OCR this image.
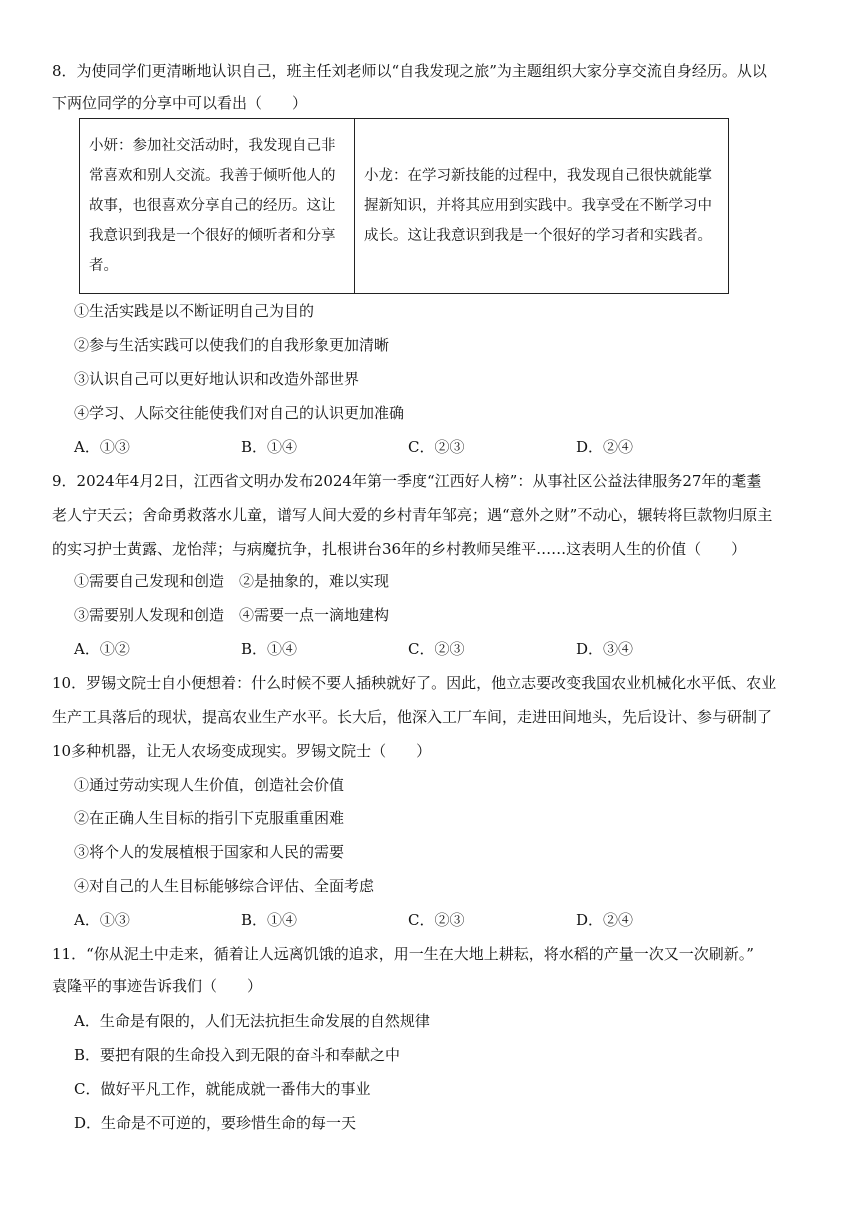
8．为使同学们更清晰地认识自己，班主任刘老师以“自我发现之旅”为主题组织大家分享交流自身经历。从以
下两位同学的分享中可以看出（　　）
小妍：参加社交活动时，我发现自己非常喜欢和别人交流。我善于倾听他人的故事，也很喜欢分享自己的经历。这让我意识到我是一个很好的倾听者和分享者。

小龙：在学习新技能的过程中，我发现自己很快就能掌握新知识，并将其应用到实践中。我享受在不断学习中成长。这让我意识到我是一个很好的学习者和实践者。
①生活实践是以不断证明自己为目的
②参与生活实践可以使我们的自我形象更加清晰
③认识自己可以更好地认识和改造外部世界
④学习、人际交往能使我们对自己的认识更加准确
A．①③	B．①④	C．②③	D．②④
9．2024年4月2日，江西省文明办发布2024年第一季度“江西好人榜”：从事社区公益法律服务27年的耄耋
老人宁天云；舍命勇救落水儿童，谱写人间大爱的乡村青年邹亮；遇“意外之财”不动心，辗转将巨款物归原主
的实习护士黄露、龙怡萍；与病魔抗争，扎根讲台36年的乡村教师吴维平……这表明人生的价值（　　）
①需要自己发现和创造　②是抽象的，难以实现
③需要别人发现和创造　④需要一点一滴地建构
A．①②	B．①④	C．②③	D．③④
10．罗锡文院士自小便想着：什么时候不要人插秧就好了。因此，他立志要改变我国农业机械化水平低、农业
生产工具落后的现状，提高农业生产水平。长大后，他深入工厂车间，走进田间地头，先后设计、参与研制了
10多种机器，让无人农场变成现实。罗锡文院士（　　）
①通过劳动实现人生价值，创造社会价值
②在正确人生目标的指引下克服重重困难
③将个人的发展植根于国家和人民的需要
④对自己的人生目标能够综合评估、全面考虑
A．①③	B．①④	C．②③	D．②④
11．“你从泥土中走来，循着让人远离饥饿的追求，用一生在大地上耕耘，将水稻的产量一次又一次刷新。”
袁隆平的事迹告诉我们（　　）
A．生命是有限的，人们无法抗拒生命发展的自然规律
B．要把有限的生命投入到无限的奋斗和奉献之中
C．做好平凡工作，就能成就一番伟大的事业
D．生命是不可逆的，要珍惜生命的每一天
